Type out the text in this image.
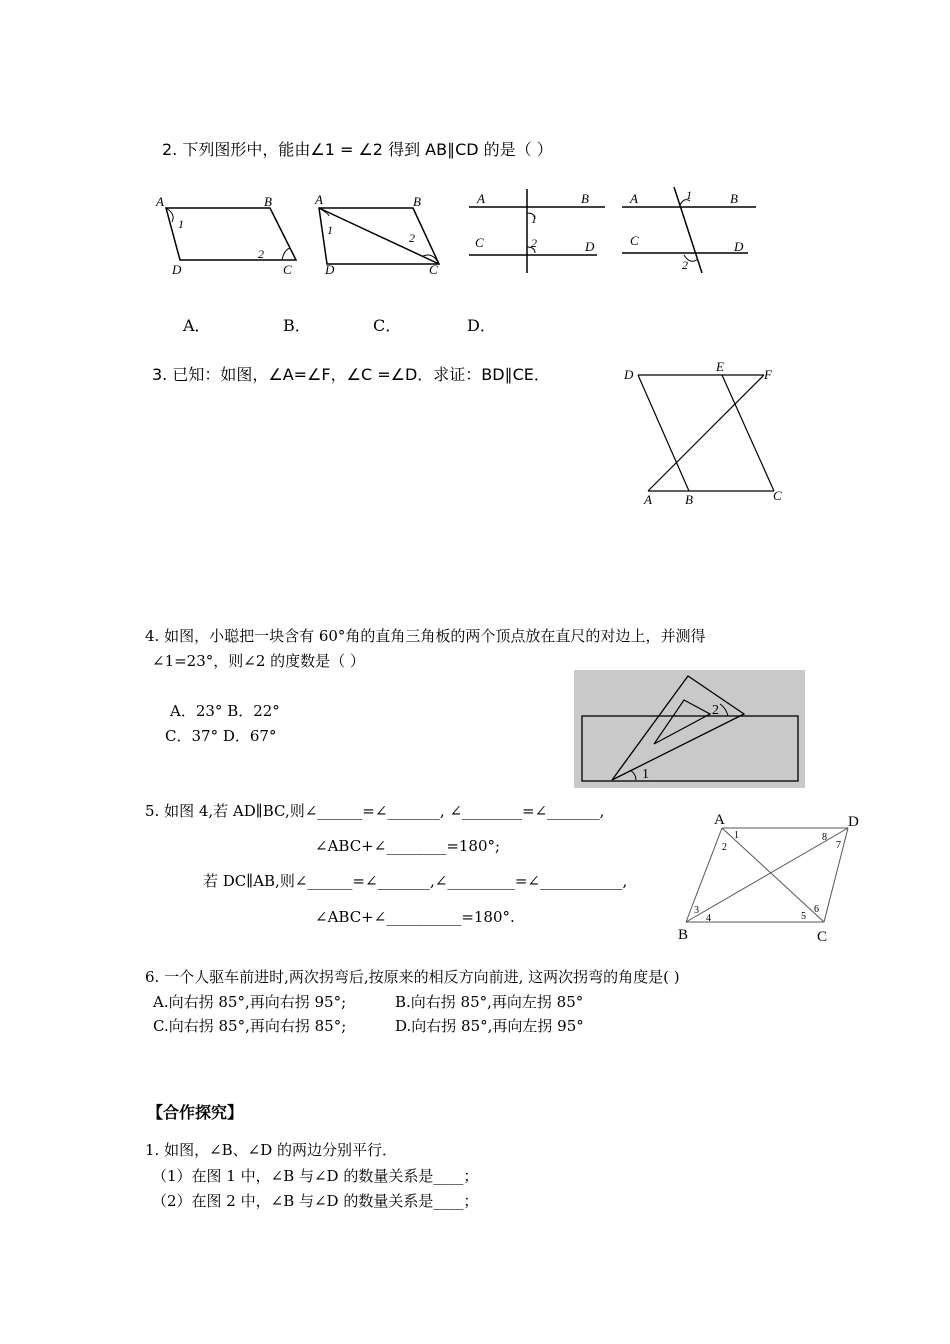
2. 下列图形中，能由∠1 = ∠2 得到 AB∥CD 的是（ ）
A	B
C
D
1
2
A	B
C
D
1
2
A	B
C	D
1
2
A	B
C	D
1
2
A．	B．	C．	D．
3. 已知：如图，∠A=∠F，∠C =∠D．求证：BD∥CE．	D
E
F
A	B	C
4. 如图，小聪把一块含有 60°角的直角三角板的两个顶点放在直尺的对边上，并测得
∠1=23°，则∠2 的度数是（ ）
A．23° B．22°
C．37° D．67°
1
2
5. 如图 4,若 AD∥BC,则∠______=∠_______, ∠________=∠_______,
∠ABC+∠________=180°;
若 DC∥AB,则∠______=∠_______,∠_________=∠___________,
∠ABC+∠__________=180°.
A	D
B	C
1
2
3
4	5
6
7
8
6. 一个人驱车前进时,两次拐弯后,按原来的相反方向前进, 这两次拐弯的角度是( )
A.向右拐 85°,再向右拐 95°;	B.向右拐 85°,再向左拐 85°
C.向右拐 85°,再向右拐 85°;	D.向右拐 85°,再向左拐 95°
【合作探究】
1. 如图，∠B、∠D 的两边分别平行．
（1）在图 1 中，∠B 与∠D 的数量关系是____；
（2）在图 2 中，∠B 与∠D 的数量关系是____；
